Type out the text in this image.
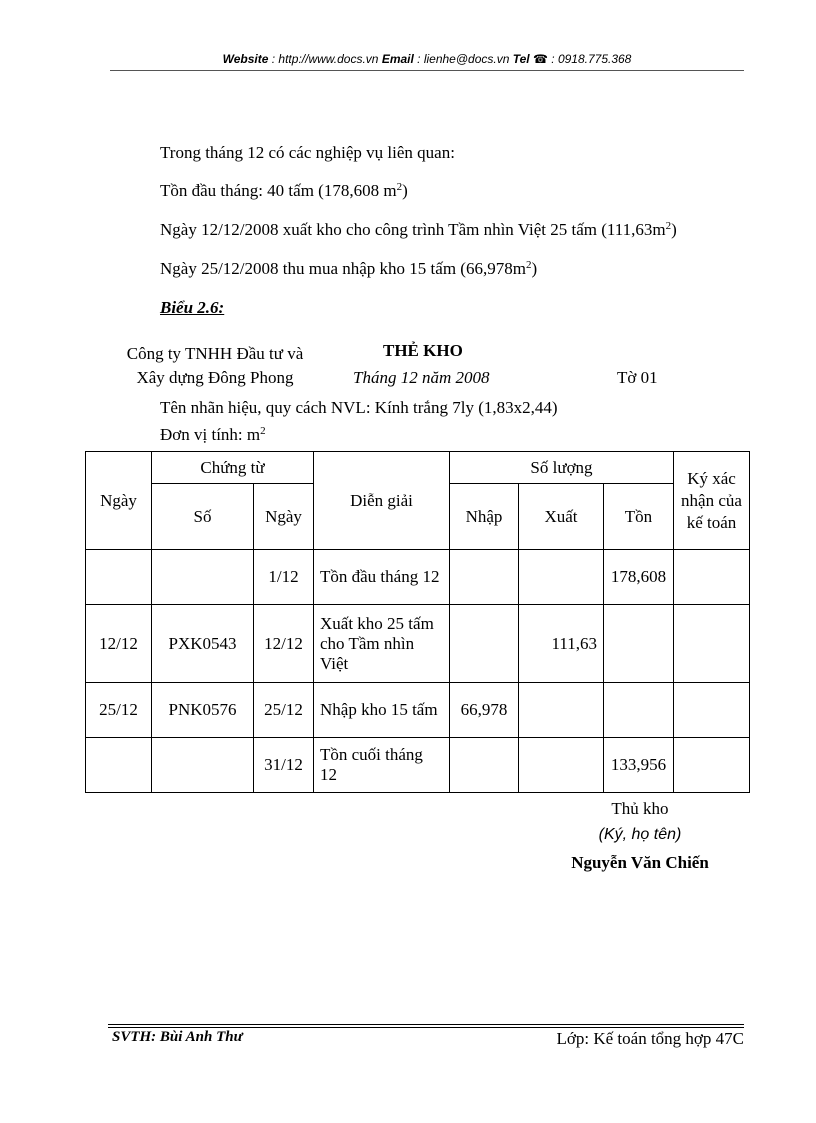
Website : http://www.docs.vn Email : lienhe@docs.vn Tel ☎ : 0918.775.368
Trong tháng 12 có các nghiệp vụ liên quan:
Tồn đầu tháng: 40 tấm (178,608 $m^2$)
Ngày 12/12/2008 xuất kho cho công trình Tầm nhìn Việt 25 tấm $(111,63m^2)$
Ngày 25/12/2008 thu mua nhập kho 15 tấm $(66,978m^2)$
Biểu 2.6:
Công ty TNHH Đầu tư và
Xây dựng Đông Phong
THẺ KHO
Tháng 12 năm 2008	Tờ 01
Tên nhãn hiệu, quy cách NVL: Kính trắng 7ly (1,83x2,44)
Đơn vị tính: $m^2$
Ngày	Chứng từ		Diễn giải	Số lượng			Ký xác nhận của kế toán
	Số	Ngày		Nhập	Xuất	Tồn	
		1/12	Tồn đầu tháng 12			178,608	
12/12	PXK0543	12/12	Xuất kho 25 tấm cho Tầm nhìn Việt		111,63		
25/12	PNK0576	25/12	Nhập kho 15 tấm	66,978			
		31/12	Tồn cuối tháng 12			133,956	
Thủ kho
(Ký, họ tên)
Nguyễn Văn Chiến
SVTH: Bùi Anh Thư	Lớp: Kế toán tổng hợp 47C
